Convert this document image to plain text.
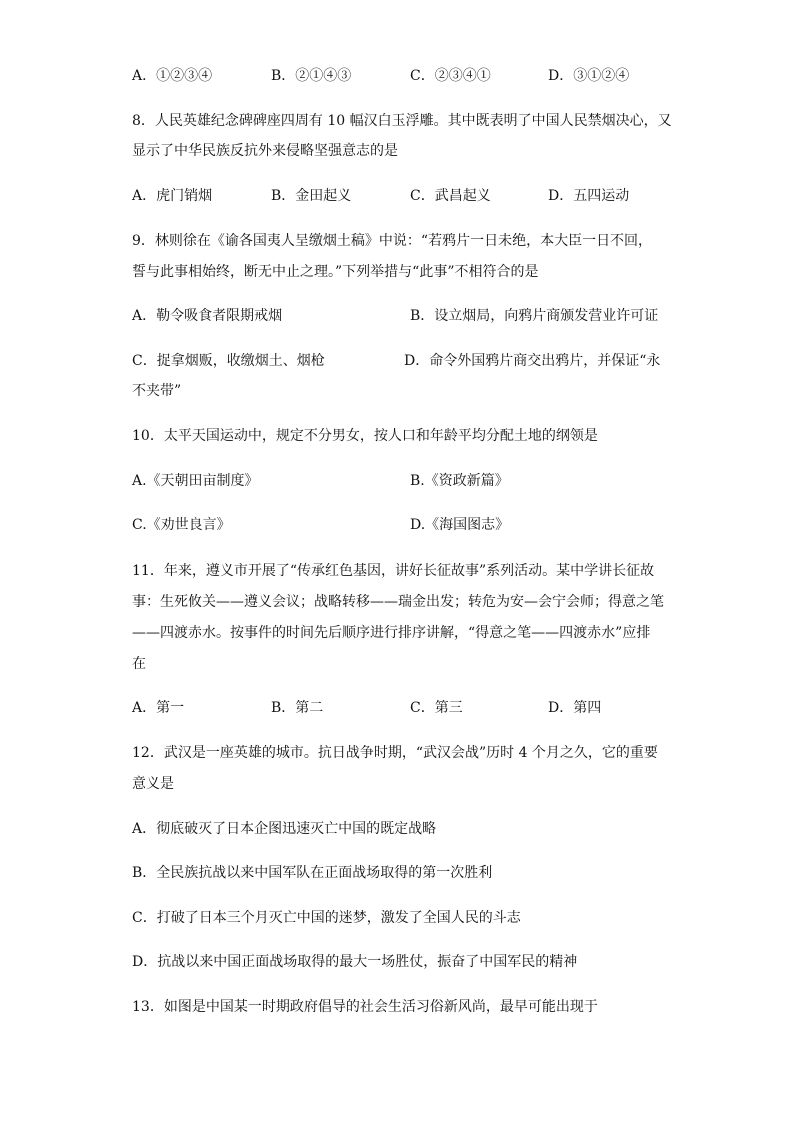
A．①②③④	B．②①④③	C．②③④①	D．③①②④
8．人民英雄纪念碑碑座四周有 10 幅汉白玉浮雕。其中既表明了中国人民禁烟决心，又
显示了中华民族反抗外来侵略坚强意志的是
A．虎门销烟	B．金田起义	C．武昌起义	D．五四运动
9．林则徐在《谕各国夷人呈缴烟土稿》中说：“若鸦片一日未绝，本大臣一日不回，
誓与此事相始终，断无中止之理。”下列举措与“此事”不相符合的是
A．勒令吸食者限期戒烟	B．设立烟局，向鸦片商颁发营业许可证
C．捉拿烟贩，收缴烟土、烟枪	D．命令外国鸦片商交出鸦片，并保证“永
不夹带”
10．太平天国运动中，规定不分男女，按人口和年龄平均分配土地的纲领是
A.《天朝田亩制度》	B.《资政新篇》
C.《劝世良言》	D.《海国图志》
11．年来，遵义市开展了“传承红色基因，讲好长征故事”系列活动。某中学讲长征故
事：生死攸关——遵义会议；战略转移——瑞金出发；转危为安—会宁会师；得意之笔
——四渡赤水。按事件的时间先后顺序进行排序讲解，“得意之笔——四渡赤水”应排
在
A．第一	B．第二	C．第三	D．第四
12．武汉是一座英雄的城市。抗日战争时期，“武汉会战”历时 4 个月之久，它的重要
意义是
A．彻底破灭了日本企图迅速灭亡中国的既定战略
B．全民族抗战以来中国军队在正面战场取得的第一次胜利
C．打破了日本三个月灭亡中国的迷梦，激发了全国人民的斗志
D．抗战以来中国正面战场取得的最大一场胜仗，振奋了中国军民的精神
13．如图是中国某一时期政府倡导的社会生活习俗新风尚，最早可能出现于
